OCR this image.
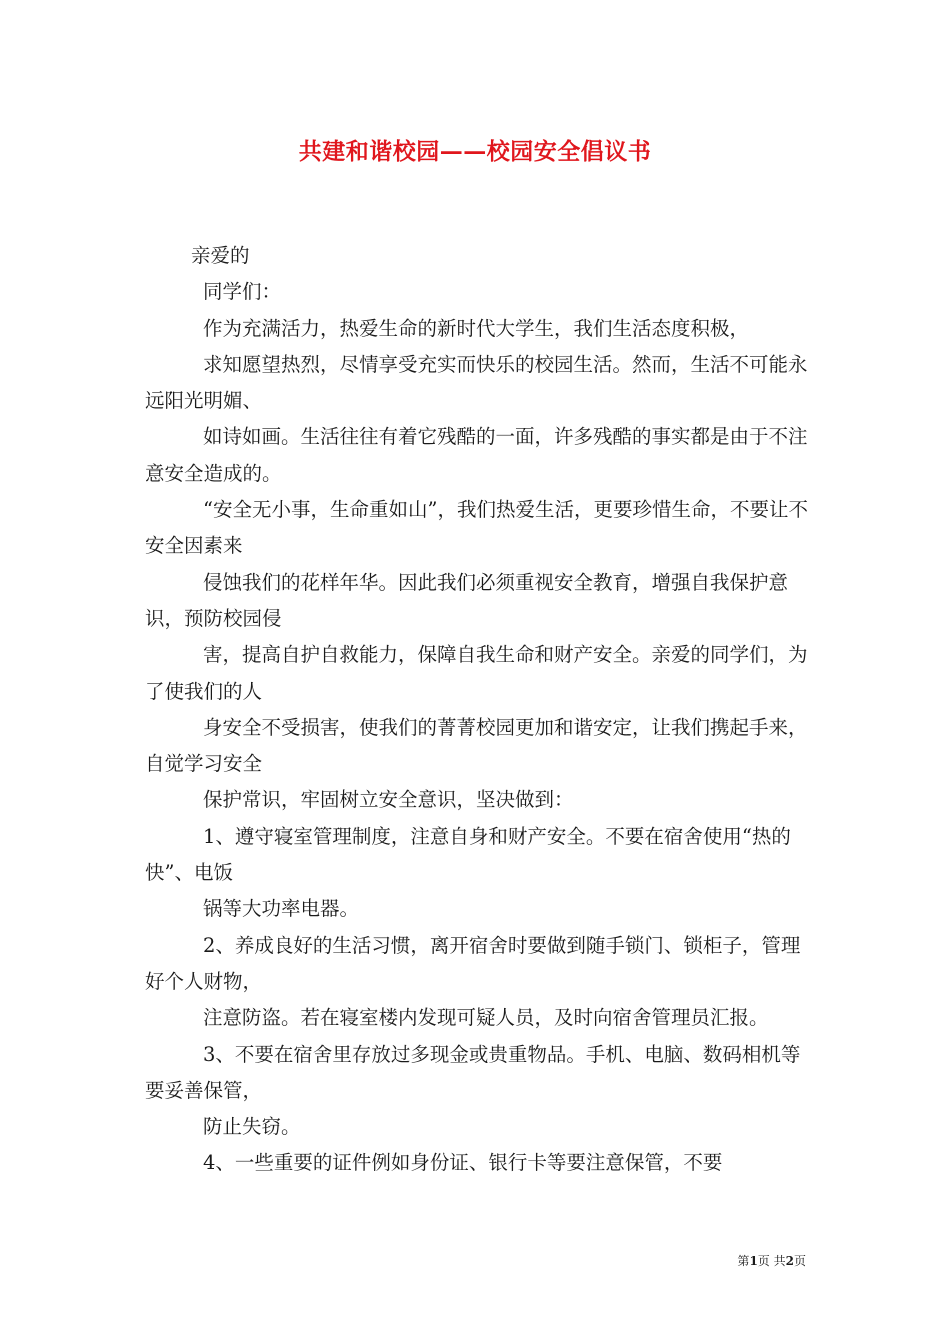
共建和谐校园——校园安全倡议书

亲爱的

同学们：

作为充满活力，热爱生命的新时代大学生，我们生活态度积极，

求知愿望热烈，尽情享受充实而快乐的校园生活。然而，生活不可能永远阳光明媚、

如诗如画。生活往往有着它残酷的一面，许多残酷的事实都是由于不注意安全造成的。

“安全无小事，生命重如山”，我们热爱生活，更要珍惜生命，不要让不安全因素来

侵蚀我们的花样年华。因此我们必须重视安全教育，增强自我保护意识，预防校园侵

害，提高自护自救能力，保障自我生命和财产安全。亲爱的同学们，为了使我们的人

身安全不受损害，使我们的菁菁校园更加和谐安定，让我们携起手来，自觉学习安全

保护常识，牢固树立安全意识，坚决做到：

1、遵守寝室管理制度，注意自身和财产安全。不要在宿舍使用“热的快”、电饭

锅等大功率电器。

2、养成良好的生活习惯，离开宿舍时要做到随手锁门、锁柜子，管理好个人财物，

注意防盗。若在寝室楼内发现可疑人员，及时向宿舍管理员汇报。

3、不要在宿舍里存放过多现金或贵重物品。手机、电脑、数码相机等要妥善保管，

防止失窃。

4、一些重要的证件例如身份证、银行卡等要注意保管，不要

第1页 共2页
